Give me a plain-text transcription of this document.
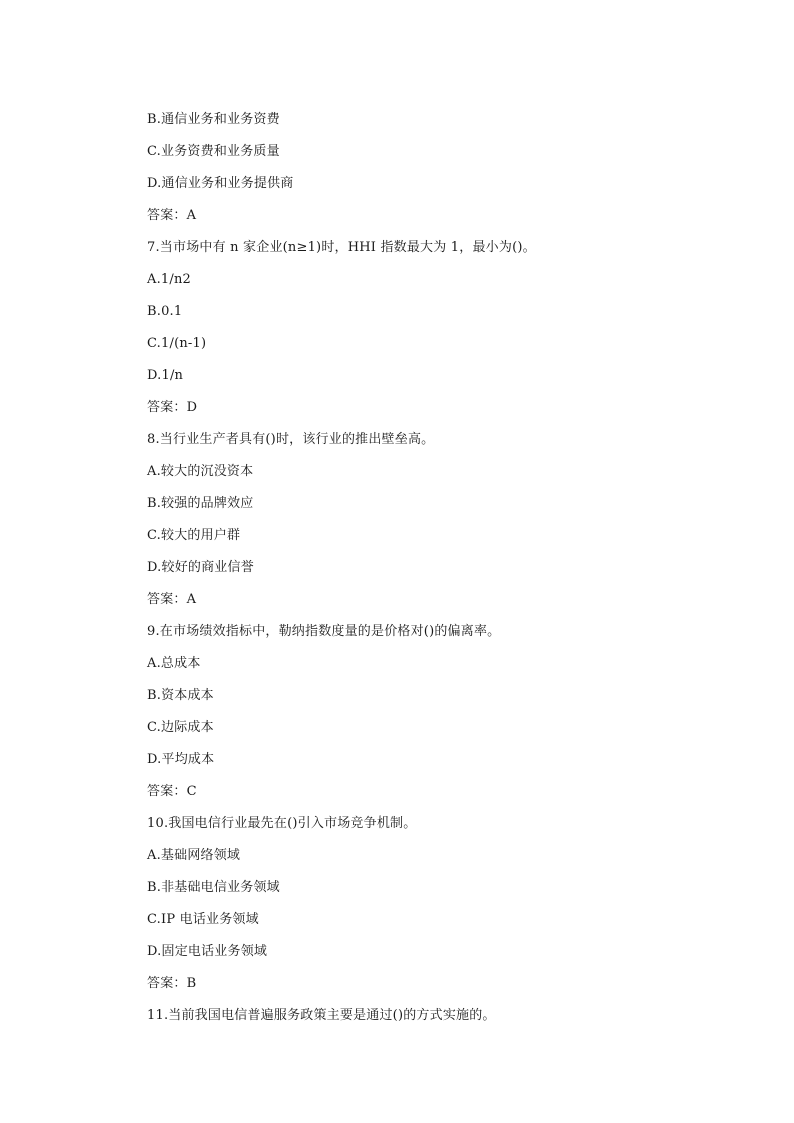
B.通信业务和业务资费
C.业务资费和业务质量
D.通信业务和业务提供商
答案：A
7.当市场中有 n 家企业(n≥1)时，HHI 指数最大为 1，最小为()。
A.1/n2
B.0.1
C.1/(n-1)
D.1/n
答案：D
8.当行业生产者具有()时，该行业的推出壁垒高。
A.较大的沉没资本
B.较强的品牌效应
C.较大的用户群
D.较好的商业信誉
答案：A
9.在市场绩效指标中，勒纳指数度量的是价格对()的偏离率。
A.总成本
B.资本成本
C.边际成本
D.平均成本
答案：C
10.我国电信行业最先在()引入市场竞争机制。
A.基础网络领域
B.非基础电信业务领域
C.IP 电话业务领域
D.固定电话业务领域
答案：B
11.当前我国电信普遍服务政策主要是通过()的方式实施的。
